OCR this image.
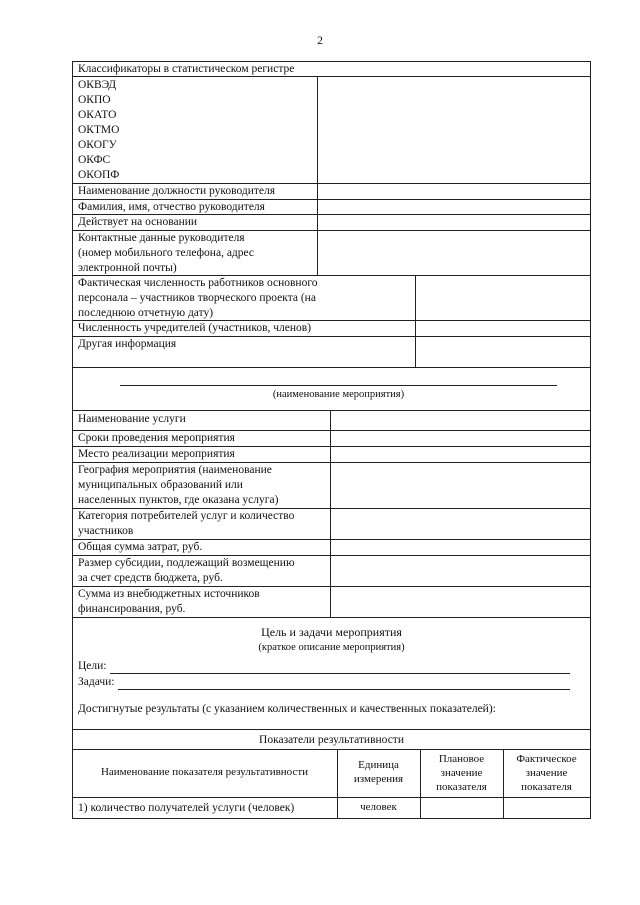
2
Классификаторы в статистическом регистре
ОКВЭД
ОКПО
ОКАТО
ОКТМО
ОКОГУ
ОКФС
ОКОПФ
Наименование должности руководителя
Фамилия, имя, отчество руководителя
Действует на основании
Контактные данные руководителя
(номер мобильного телефона, адрес
электронной почты)
Фактическая численность работников основного
персонала – участников творческого проекта (на
последнюю отчетную дату)
Численность учредителей (участников, членов)
Другая информация
(наименование мероприятия)
Наименование услуги
Сроки проведения мероприятия
Место реализации мероприятия
География мероприятия (наименование
муниципальных образований или
населенных пунктов, где оказана услуга)
Категория потребителей услуг и количество
участников
Общая сумма затрат, руб.
Размер субсидии, подлежащий возмещению
за счет средств бюджета, руб.
Сумма из внебюджетных источников
финансирования, руб.
Цель и задачи мероприятия
(краткое описание мероприятия)
Цели:
Задачи:
Достигнутые результаты (с указанием количественных и качественных показателей):
Показатели результативности
Наименование показателя результативности
Единица
измерения
Плановое
значение
показателя
Фактическое
значение
показателя
1) количество получателей услуги (человек)	человек
